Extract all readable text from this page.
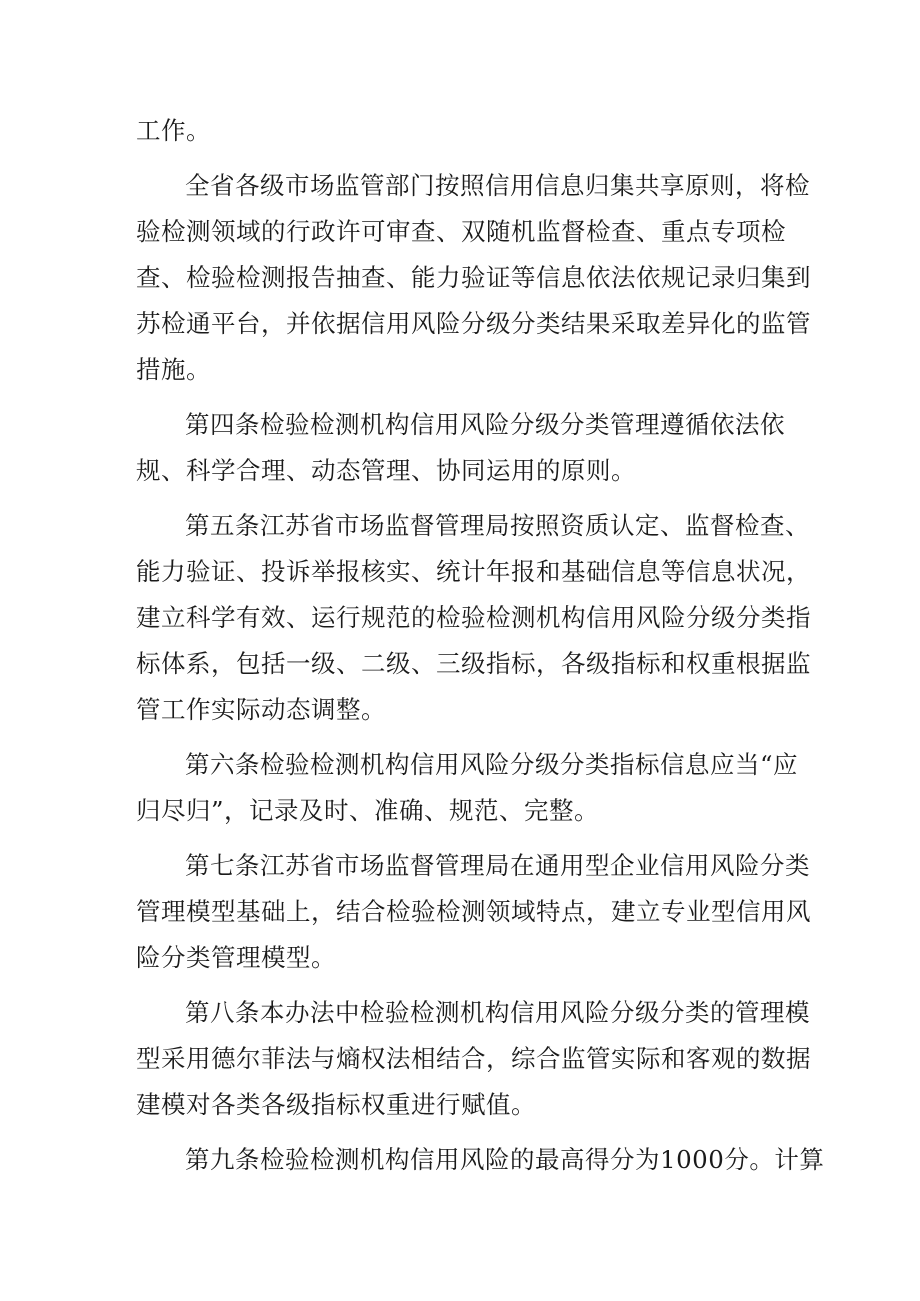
工作。
全省各级市场监管部门按照信用信息归集共享原则，将检
验检测领域的行政许可审查、双随机监督检查、重点专项检
查、检验检测报告抽查、能力验证等信息依法依规记录归集到
苏检通平台，并依据信用风险分级分类结果采取差异化的监管
措施。
第四条检验检测机构信用风险分级分类管理遵循依法依
规、科学合理、动态管理、协同运用的原则。
第五条江苏省市场监督管理局按照资质认定、监督检查、
能力验证、投诉举报核实、统计年报和基础信息等信息状况，
建立科学有效、运行规范的检验检测机构信用风险分级分类指
标体系，包括一级、二级、三级指标，各级指标和权重根据监
管工作实际动态调整。
第六条检验检测机构信用风险分级分类指标信息应当“应
归尽归”，记录及时、准确、规范、完整。
第七条江苏省市场监督管理局在通用型企业信用风险分类
管理模型基础上，结合检验检测领域特点，建立专业型信用风
险分类管理模型。
第八条本办法中检验检测机构信用风险分级分类的管理模
型采用德尔菲法与熵权法相结合，综合监管实际和客观的数据
建模对各类各级指标权重进行赋值。
第九条检验检测机构信用风险的最高得分为1000分。计算
